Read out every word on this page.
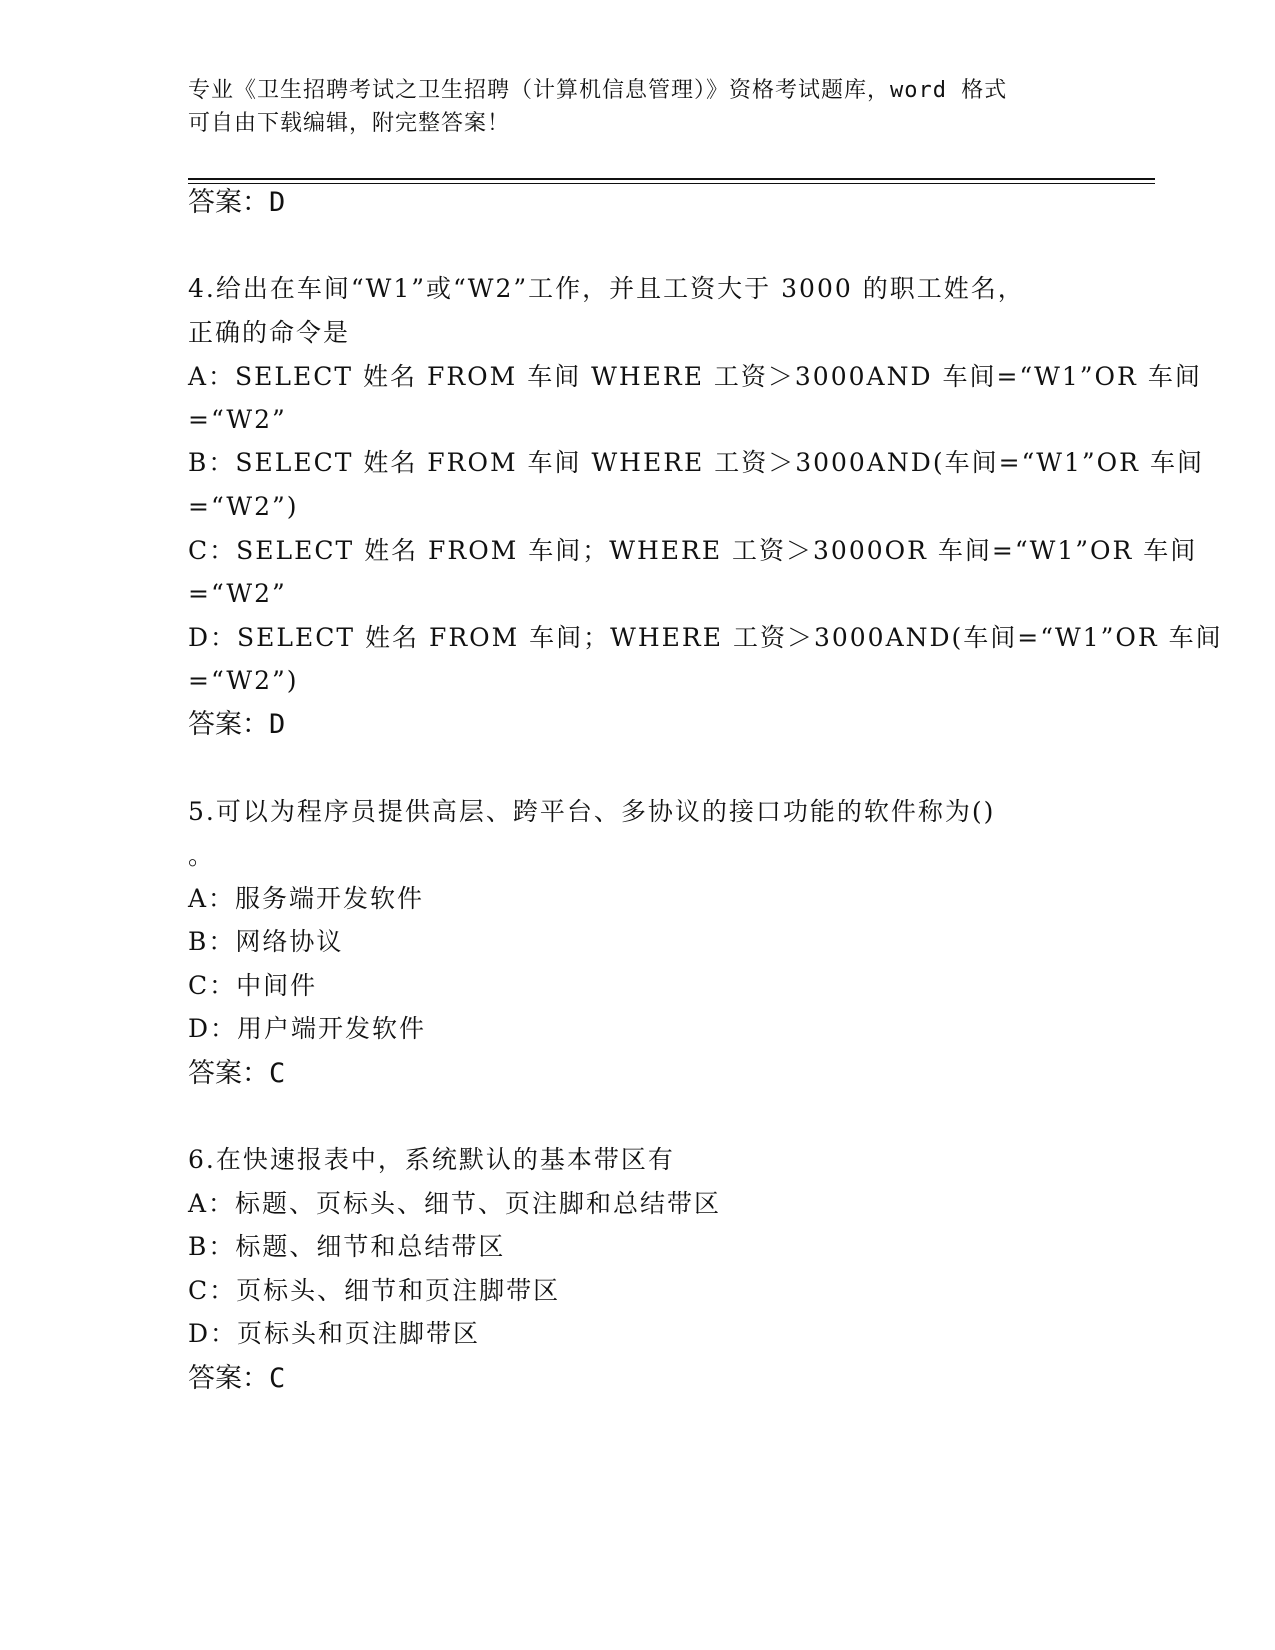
专业《卫生招聘考试之卫生招聘（计算机信息管理）》资格考试题库，word 格式
可自由下载编辑，附完整答案！
答案：D
4.给出在车间“W1”或“W2”工作，并且工资大于 3000 的职工姓名，
正确的命令是
A：SELECT 姓名 FROM 车间 WHERE 工资＞3000AND 车间=“W1”OR 车间
=“W2”
B：SELECT 姓名 FROM 车间 WHERE 工资＞3000AND(车间=“W1”OR 车间
=“W2”)
C：SELECT 姓名 FROM 车间；WHERE 工资＞3000OR 车间=“W1”OR 车间
=“W2”
D：SELECT 姓名 FROM 车间；WHERE 工资＞3000AND(车间=“W1”OR 车间
=“W2”)
答案：D
5.可以为程序员提供高层、跨平台、多协议的接口功能的软件称为()
。
A：服务端开发软件
B：网络协议
C：中间件
D：用户端开发软件
答案：C
6.在快速报表中，系统默认的基本带区有
A：标题、页标头、细节、页注脚和总结带区
B：标题、细节和总结带区
C：页标头、细节和页注脚带区
D：页标头和页注脚带区
答案：C
